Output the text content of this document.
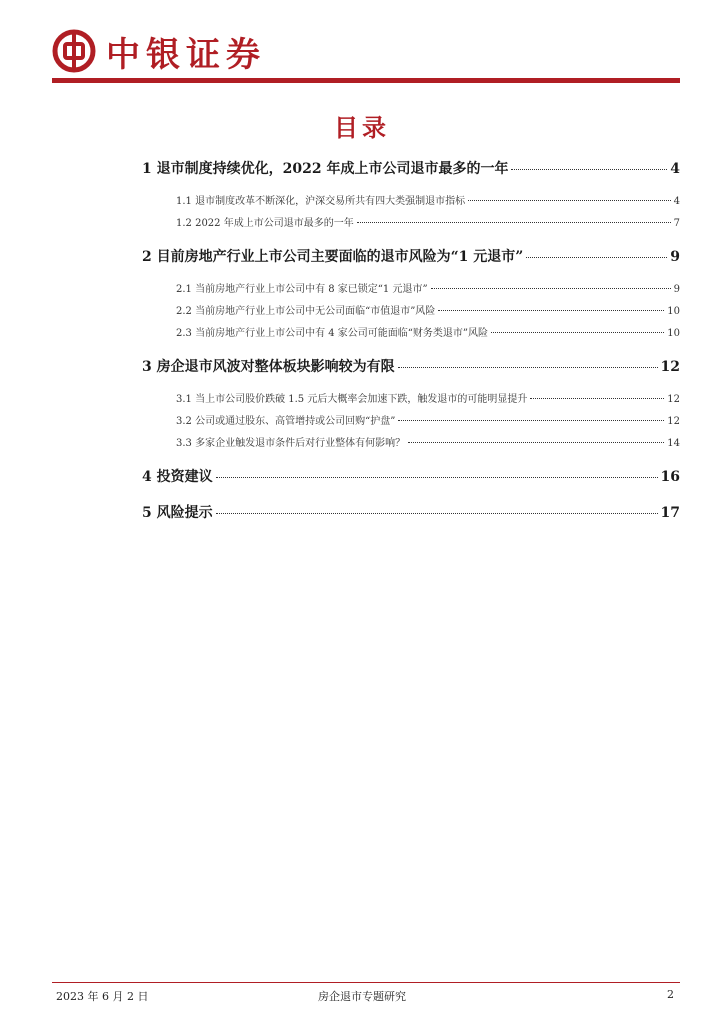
中银证券
目录
1 退市制度持续优化，2022 年成上市公司退市最多的一年	4
1.1 退市制度改革不断深化，沪深交易所共有四大类强制退市指标	4
1.2 2022 年成上市公司退市最多的一年	7
2 目前房地产行业上市公司主要面临的退市风险为“1 元退市”	9
2.1 当前房地产行业上市公司中有 8 家已锁定“1 元退市”	9
2.2 当前房地产行业上市公司中无公司面临“市值退市”风险	10
2.3 当前房地产行业上市公司中有 4 家公司可能面临“财务类退市”风险	10
3 房企退市风波对整体板块影响较为有限	12
3.1 当上市公司股价跌破 1.5 元后大概率会加速下跌，触发退市的可能明显提升	12
3.2 公司或通过股东、高管增持或公司回购“护盘”	12
3.3 多家企业触发退市条件后对行业整体有何影响？	14
4 投资建议	16
5 风险提示	17
2023 年 6 月 2 日	房企退市专题研究	2
